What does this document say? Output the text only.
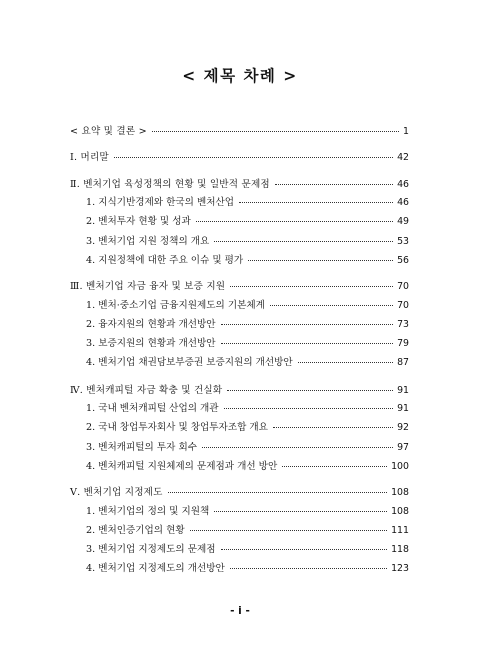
< 제목 차례 >
< 요약 및 결론 >	1
Ⅰ. 머리말	42
Ⅱ. 벤처기업 육성정책의 현황 및 일반적 문제점	46
1. 지식기반경제와 한국의 벤처산업	46
2. 벤처투자 현황 및 성과	49
3. 벤처기업 지원 정책의 개요	53
4. 지원정책에 대한 주요 이슈 및 평가	56
Ⅲ. 벤처기업 자금 융자 및 보증 지원	70
1. 벤처·중소기업 금융지원제도의 기본체계	70
2. 융자지원의 현황과 개선방안	73
3. 보증지원의 현황과 개선방안	79
4. 벤처기업 채권담보부증권 보증지원의 개선방안	87
Ⅳ. 벤처캐피털 자금 확충 및 건실화	91
1. 국내 벤처캐피털 산업의 개관	91
2. 국내 창업투자회사 및 창업투자조합 개요	92
3. 벤처캐피털의 투자 회수	97
4. 벤처캐피털 지원체제의 문제점과 개선 방안	100
Ⅴ. 벤처기업 지정제도	108
1. 벤처기업의 정의 및 지원책	108
2. 벤처인증기업의 현황	111
3. 벤처기업 지정제도의 문제점	118
4. 벤처기업 지정제도의 개선방안	123
- i -
